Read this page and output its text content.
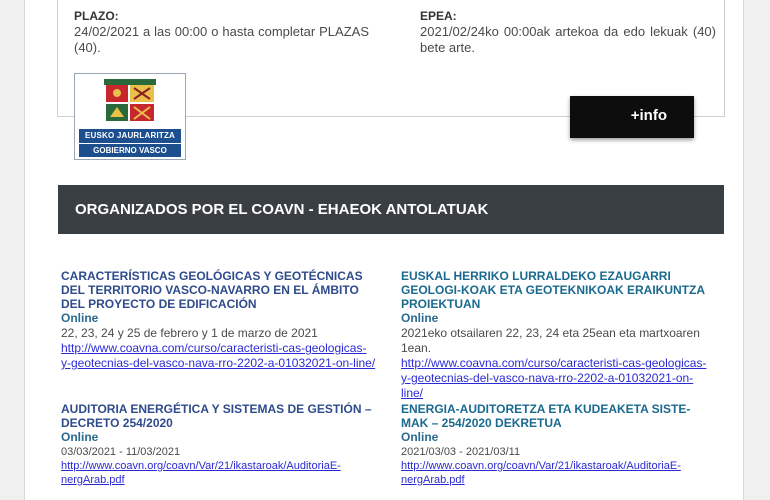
PLAZO:
24/02/2021 a las 00:00 o hasta completar PLAZAS (40).
EPEA:
2021/02/24ko 00:00ak artekoa da edo lekuak (40) bete arte.
EUSKO JAURLARITZA
GOBIERNO VASCO
+info
ORGANIZADOS POR EL COAVN - EHAEOK ANTOLATUAK
CARACTERÍSTICAS GEOLÓGICAS Y GEOTÉCNICAS DEL TERRITORIO VASCO-NAVARRO EN EL ÁMBITO DEL PROYECTO DE EDIFICACIÓN
Online
22, 23, 24 y 25 de febrero y 1 de marzo de 2021
http://www.coavna.com/curso/caracteristi-cas-geologicas-y-geotecnias-del-vasco-nava-rro-2202-a-01032021-on-line/
EUSKAL HERRIKO LURRALDEKO EZAUGARRI GEOLOGI-KOAK ETA GEOTEKNIKOAK ERAIKUNTZA PROIEKTUAN
Online
2021eko otsailaren 22, 23, 24 eta 25ean eta martxoaren 1ean.
http://www.coavna.com/curso/caracteristi-cas-geologicas-y-geotecnias-del-vasco-nava-rro-2202-a-01032021-on-line/
AUDITORIA ENERGÉTICA Y SISTEMAS DE GESTIÓN – DECRETO 254/2020
Online
03/03/2021 - 11/03/2021
http://www.coavn.org/coavn/Var/21/ikastaroak/AuditoriaE-nergArab.pdf
ENERGIA-AUDITORETZA ETA KUDEAKETA SISTE-MAK – 254/2020 DEKRETUA
Online
2021/03/03 - 2021/03/11
http://www.coavn.org/coavn/Var/21/ikastaroak/AuditoriaE-nergArab.pdf
